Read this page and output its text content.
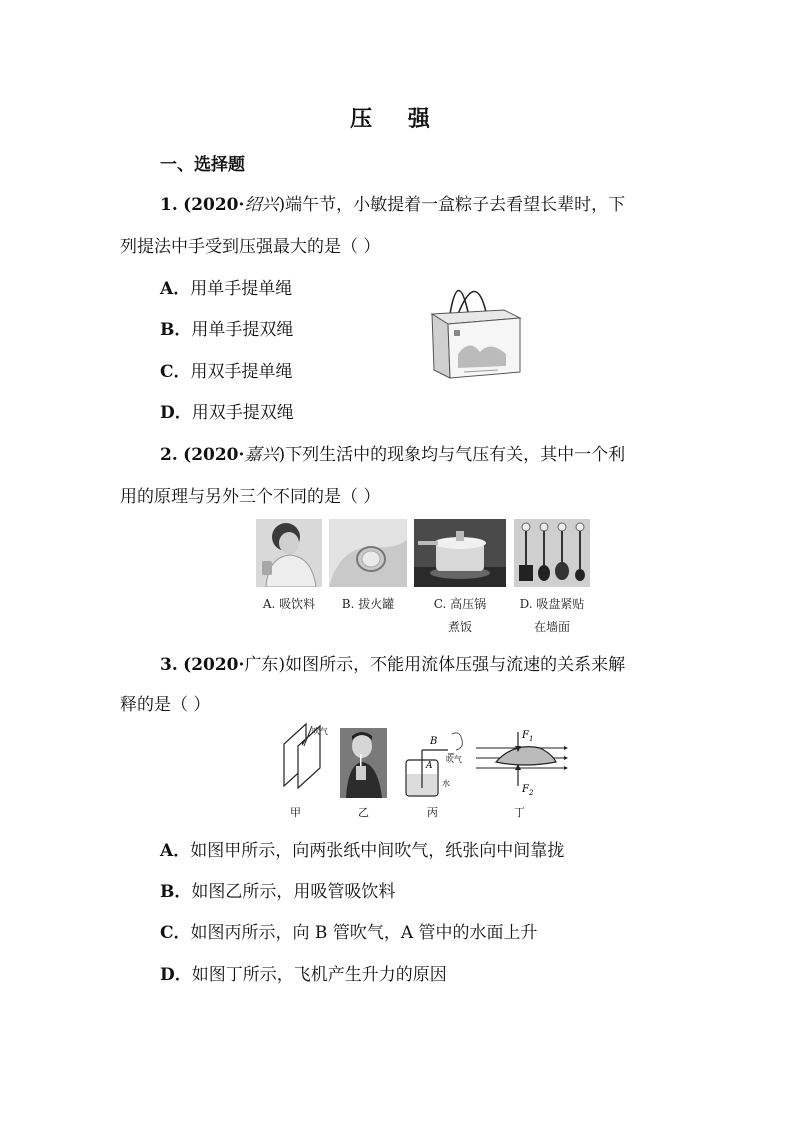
压 强
一、选择题
1. (2020·绍兴)端午节，小敏提着一盒粽子去看望长辈时，下
列提法中手受到压强最大的是（ ）
A．用单手提单绳
B．用单手提双绳
C．用双手提单绳
D．用双手提双绳
2. (2020·嘉兴)下列生活中的现象均与气压有关，其中一个利
用的原理与另外三个不同的是（ ）
A. 吸饮料	B. 拔火罐	C. 高压锅
煮饭
D. 吸盘紧贴
在墙面
3. (2020·广东)如图所示，不能用流体压强与流速的关系来解
释的是（ ）
吹气
B
A
吹气
水
$F_1$
$F_2$
甲	乙	丙	丁
A．如图甲所示，向两张纸中间吹气，纸张向中间靠拢
B．如图乙所示，用吸管吸饮料
C．如图丙所示，向 B 管吹气，A 管中的水面上升
D．如图丁所示，飞机产生升力的原因
